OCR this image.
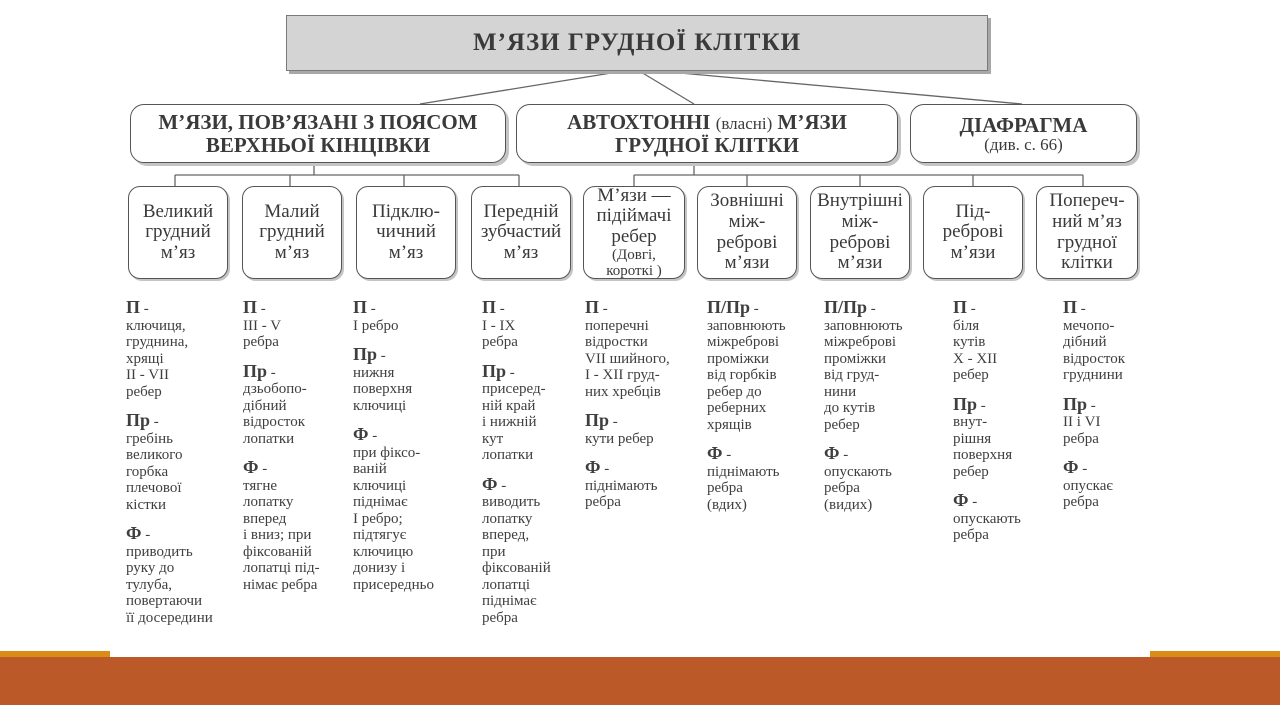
М’ЯЗИ ГРУДНОЇ КЛІТКИ
М’ЯЗИ, ПОВ’ЯЗАНІ З ПОЯСОМ
ВЕРХНЬОЇ КІНЦІВКИ
АВТОХТОННІ (власні) М’ЯЗИ
ГРУДНОЇ КЛІТКИ
ДІАФРАГМА
(див. с. 66)
Великий
грудний
м’яз
Малий
грудний
м’яз
Підклю-
чичний
м’яз
Передній
зубчастий
м’яз
М’язи —
підіймачі
ребер
(Довгі,
короткі )
Зовнішні
між-
реброві
м’язи
Внутрішні
між-
реброві
м’язи
Під-
реброві
м’язи
Попереч-
ний м’яз
грудної
клітки
П -
ключиця,
груднина,
хрящі
II - VII
ребер
Пр -
гребінь
великого
горбка
плечової
кістки
Ф -
приводить
руку до
тулуба,
повертаючи
її досередини
П -
III - V
ребра
Пр -
дзьобопо-
дібний
відросток
лопатки
Ф -
тягне
лопатку
вперед
і вниз; при
фіксованій
лопатці під-
німає ребра
П -
I ребро
Пр -
нижня
поверхня
ключиці
Ф -
при фіксо-
ваній
ключиці
піднімає
I ребро;
підтягує
ключицю
донизу і
присередньо
П -
I - IX
ребра
Пр -
присеред-
ній край
і нижній
кут
лопатки
Ф -
виводить
лопатку
вперед,
при
фіксованій
лопатці
піднімає
ребра
П -
поперечні
відростки
VII шийного,
I - XII груд-
них хребців
Пр -
кути ребер
Ф -
піднімають
ребра
П/Пр -
заповнюють
міжреброві
проміжки
від горбків
ребер до
реберних
хрящів
Ф -
піднімають
ребра
(вдих)
П/Пр -
заповнюють
міжреброві
проміжки
від груд-
нини
до кутів
ребер
Ф -
опускають
ребра
(видих)
П -
біля
кутів
X - XII
ребер
Пр -
внут-
рішня
поверхня
ребер
Ф -
опускають
ребра
П -
мечопо-
дібний
відросток
груднини
Пр -
II і VI
ребра
Ф -
опускає
ребра
